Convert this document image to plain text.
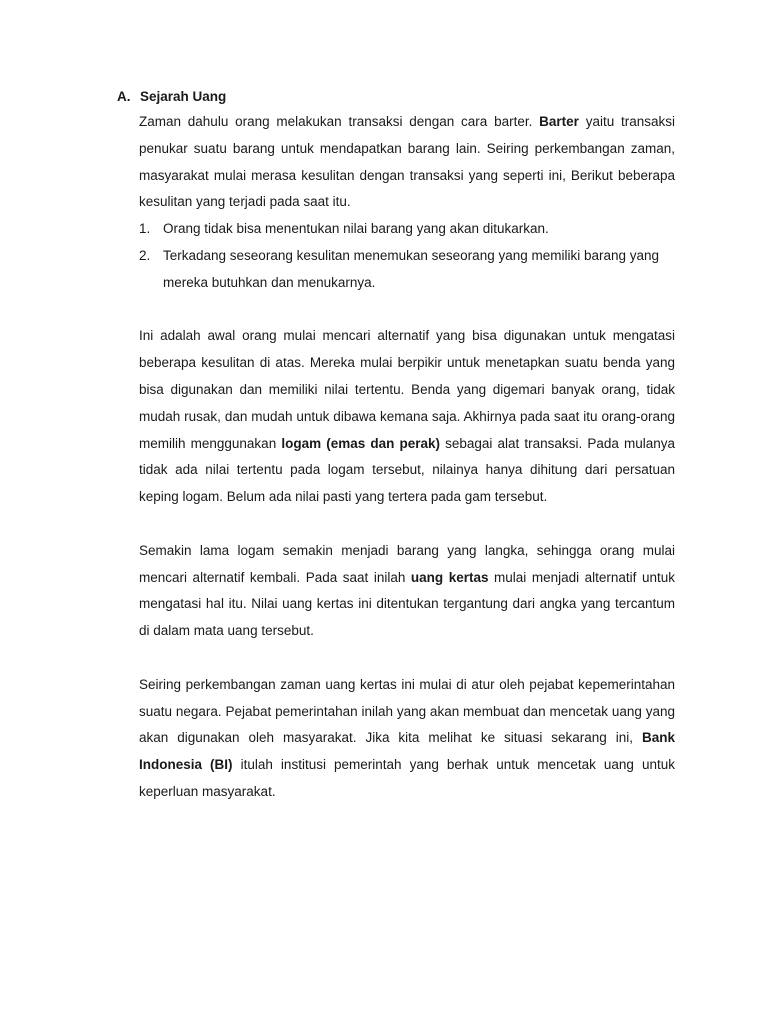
A. Sejarah Uang

Zaman dahulu orang melakukan transaksi dengan cara barter. Barter yaitu transaksi penukar suatu barang untuk mendapatkan barang lain. Seiring perkembangan zaman, masyarakat mulai merasa kesulitan dengan transaksi yang seperti ini, Berikut beberapa kesulitan yang terjadi pada saat itu.

1. Orang tidak bisa menentukan nilai barang yang akan ditukarkan.
2. Terkadang seseorang kesulitan menemukan seseorang yang memiliki barang yang mereka butuhkan dan menukarnya.

Ini adalah awal orang mulai mencari alternatif yang bisa digunakan untuk mengatasi beberapa kesulitan di atas. Mereka mulai berpikir untuk menetapkan suatu benda yang bisa digunakan dan memiliki nilai tertentu. Benda yang digemari banyak orang, tidak mudah rusak, dan mudah untuk dibawa kemana saja. Akhirnya pada saat itu orang-orang memilih menggunakan logam (emas dan perak) sebagai alat transaksi. Pada mulanya tidak ada nilai tertentu pada logam tersebut, nilainya hanya dihitung dari persatuan keping logam. Belum ada nilai pasti yang tertera pada gam tersebut.

Semakin lama logam semakin menjadi barang yang langka, sehingga orang mulai mencari alternatif kembali. Pada saat inilah uang kertas mulai menjadi alternatif untuk mengatasi hal itu. Nilai uang kertas ini ditentukan tergantung dari angka yang tercantum di dalam mata uang tersebut.

Seiring perkembangan zaman uang kertas ini mulai di atur oleh pejabat kepemerintahan suatu negara. Pejabat pemerintahan inilah yang akan membuat dan mencetak uang yang akan digunakan oleh masyarakat. Jika kita melihat ke situasi sekarang ini, Bank Indonesia (BI) itulah institusi pemerintah yang berhak untuk mencetak uang untuk keperluan masyarakat.
